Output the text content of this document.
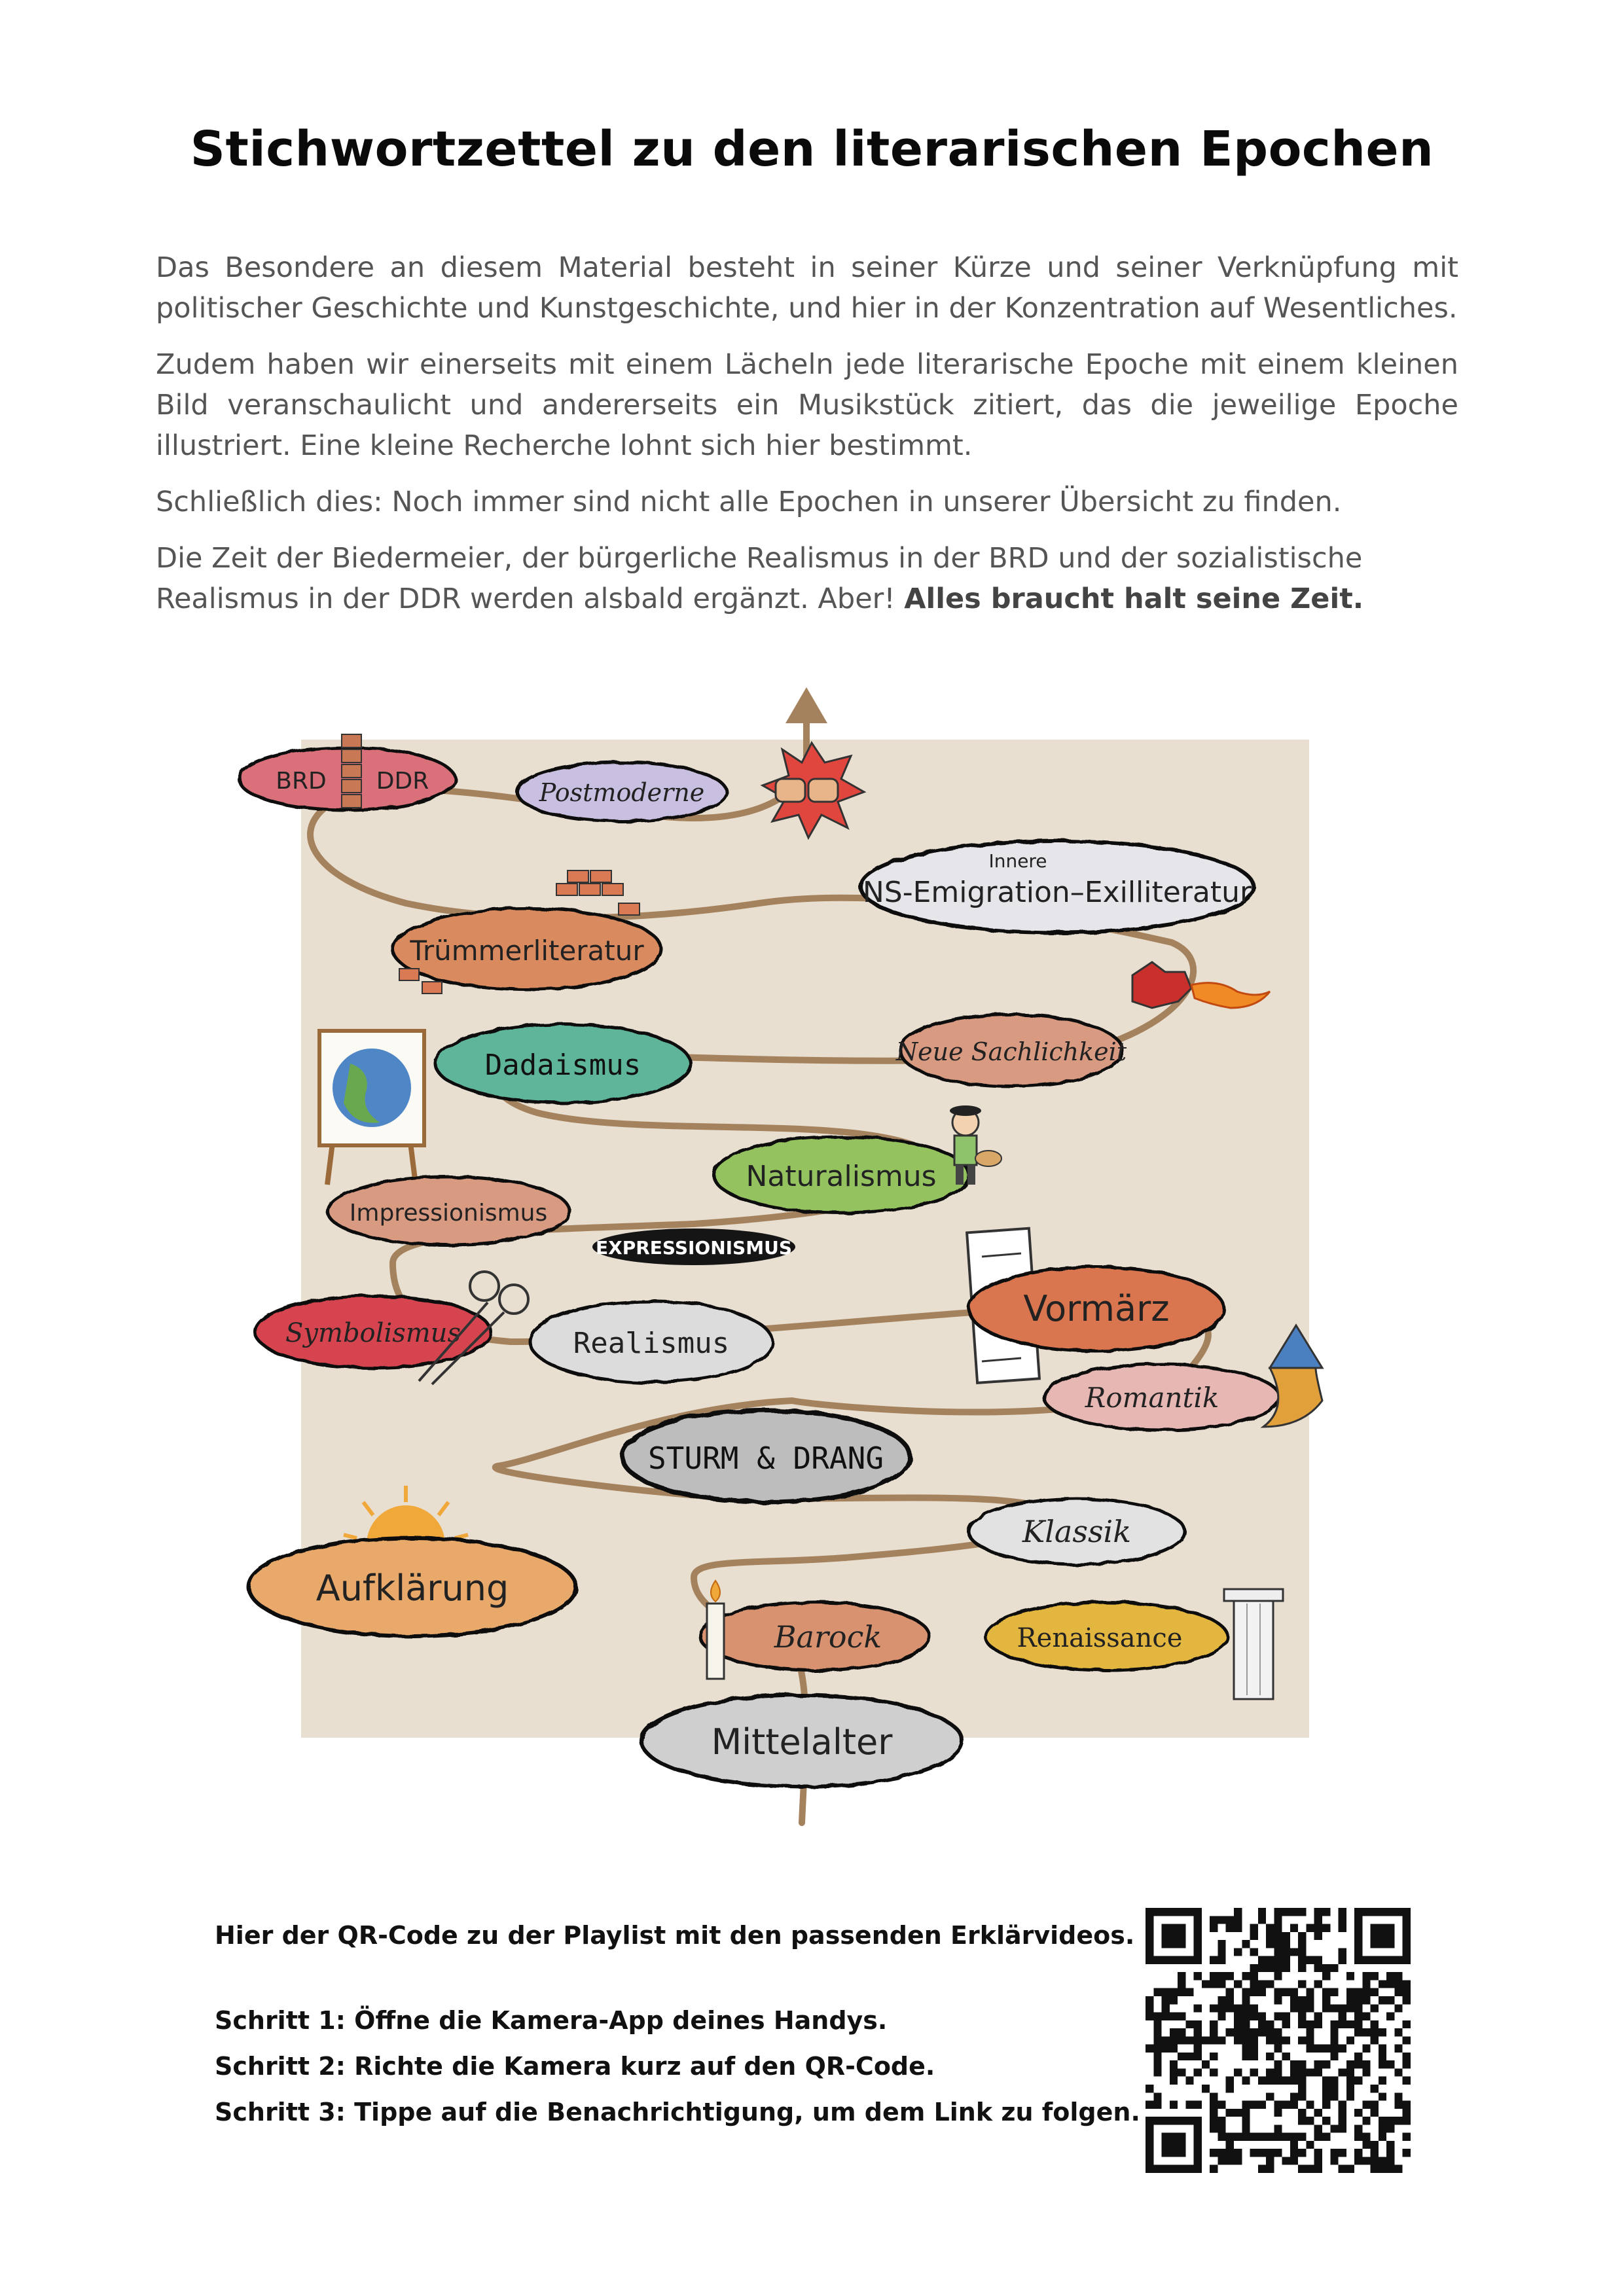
Stichwortzettel zu den literarischen Epochen

Das Besondere an diesem Material besteht in seiner Kürze und seiner Verknüpfung mit politischer Geschichte und Kunstgeschichte, und hier in der Konzentration auf Wesentliches.

Zudem haben wir einerseits mit einem Lächeln jede literarische Epoche mit einem kleinen Bild veranschaulicht und andererseits ein Musikstück zitiert, das die jeweilige Epoche illustriert. Eine kleine Recherche lohnt sich hier bestimmt.

Schließlich dies: Noch immer sind nicht alle Epochen in unserer Übersicht zu finden.

Die Zeit der Biedermeier, der bürgerliche Realismus in der BRD und der sozialistische Realismus in der DDR werden alsbald ergänzt. Aber! Alles braucht halt seine Zeit.

BRD DDR	Postmoderne
Innere
NS-Emigration–Exilliteratur
Trümmerliteratur
Neue Sachlichkeit
Dadaismus
Naturalismus
Impressionismus
EXPRESSIONISMUS
Symbolismus	Realismus
Vormärz
Romantik
STURM & DRANG
Klassik
Aufklärung
Barock	Renaissance
Mittelalter
Hier der QR-Code zu der Playlist mit den passenden Erklärvideos.
Schritt 1: Öffne die Kamera-App deines Handys.
Schritt 2: Richte die Kamera kurz auf den QR-Code.
Schritt 3: Tippe auf die Benachrichtigung, um dem Link zu folgen.
